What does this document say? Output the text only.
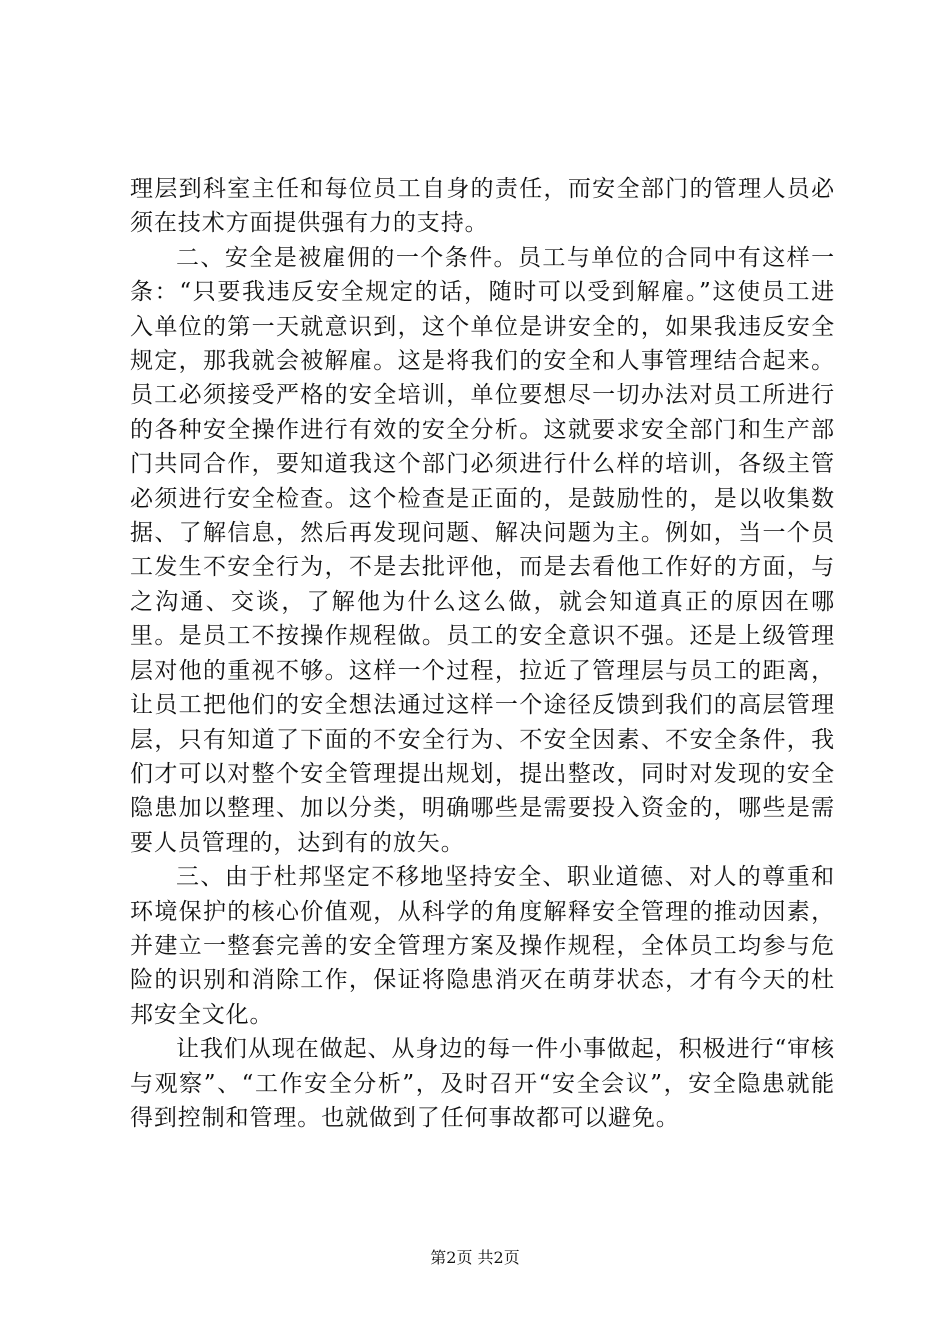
理层到科室主任和每位员工自身的责任，而安全部门的管理人员必须在技术方面提供强有力的支持。

二、安全是被雇佣的一个条件。员工与单位的合同中有这样一条：“只要我违反安全规定的话，随时可以受到解雇。”这使员工进入单位的第一天就意识到，这个单位是讲安全的，如果我违反安全规定，那我就会被解雇。这是将我们的安全和人事管理结合起来。员工必须接受严格的安全培训，单位要想尽一切办法对员工所进行的各种安全操作进行有效的安全分析。这就要求安全部门和生产部门共同合作，要知道我这个部门必须进行什么样的培训，各级主管必须进行安全检查。这个检查是正面的，是鼓励性的，是以收集数据、了解信息，然后再发现问题、解决问题为主。例如，当一个员工发生不安全行为，不是去批评他，而是去看他工作好的方面，与之沟通、交谈，了解他为什么这么做，就会知道真正的原因在哪里。是员工不按操作规程做。员工的安全意识不强。还是上级管理层对他的重视不够。这样一个过程，拉近了管理层与员工的距离，让员工把他们的安全想法通过这样一个途径反馈到我们的高层管理层，只有知道了下面的不安全行为、不安全因素、不安全条件，我们才可以对整个安全管理提出规划，提出整改，同时对发现的安全隐患加以整理、加以分类，明确哪些是需要投入资金的，哪些是需要人员管理的，达到有的放矢。

三、由于杜邦坚定不移地坚持安全、职业道德、对人的尊重和环境保护的核心价值观，从科学的角度解释安全管理的推动因素，并建立一整套完善的安全管理方案及操作规程，全体员工均参与危险的识别和消除工作，保证将隐患消灭在萌芽状态，才有今天的杜邦安全文化。

让我们从现在做起、从身边的每一件小事做起，积极进行“审核与观察”、“工作安全分析”，及时召开“安全会议”，安全隐患就能得到控制和管理。也就做到了任何事故都可以避免。

第2页 共2页
